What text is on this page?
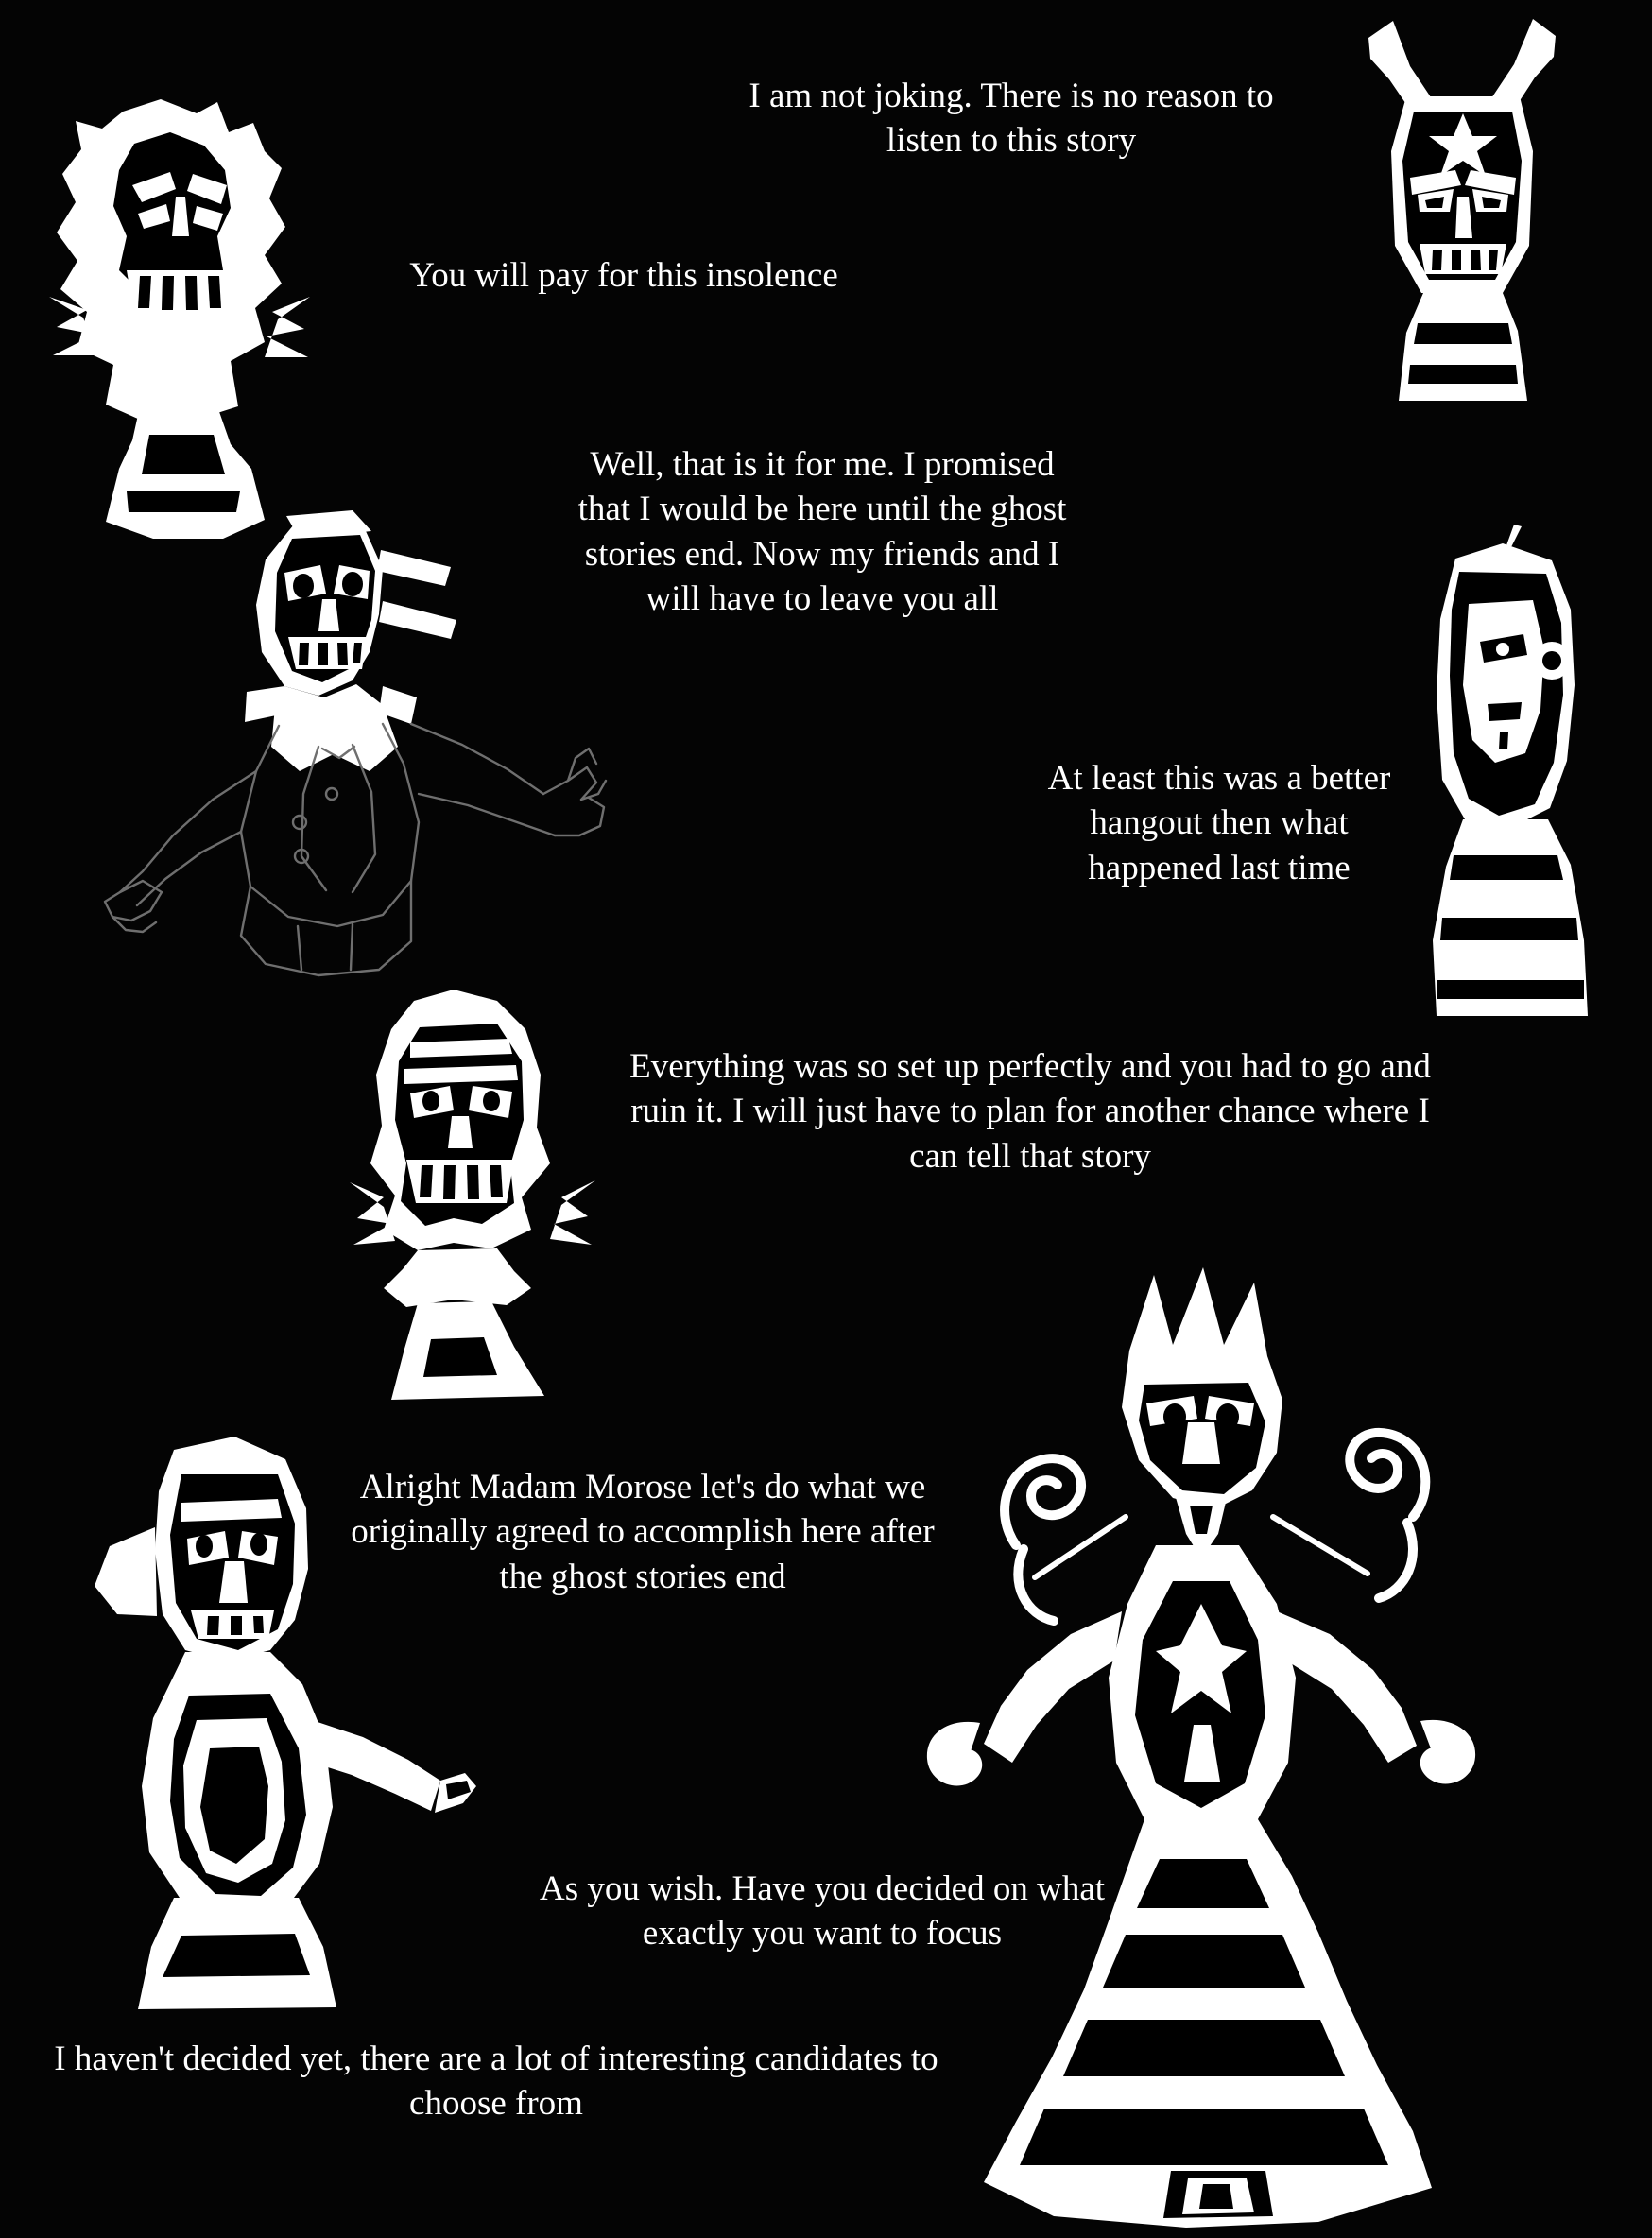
I am not joking. There is no reason to listen to this story
You will pay for this insolence
Well, that is it for me. I promised that I would be here until the ghost stories end. Now my friends and I will have to leave you all
At least this was a better hangout then what happened last time
Everything was so set up perfectly and you had to go and ruin it. I will just have to plan for another chance where I can tell that story
Alright Madam Morose let's do what we originally agreed to accomplish here after the ghost stories end
As you wish. Have you decided on what exactly you want to focus
I haven't decided yet, there are a lot of interesting candidates to choose from
